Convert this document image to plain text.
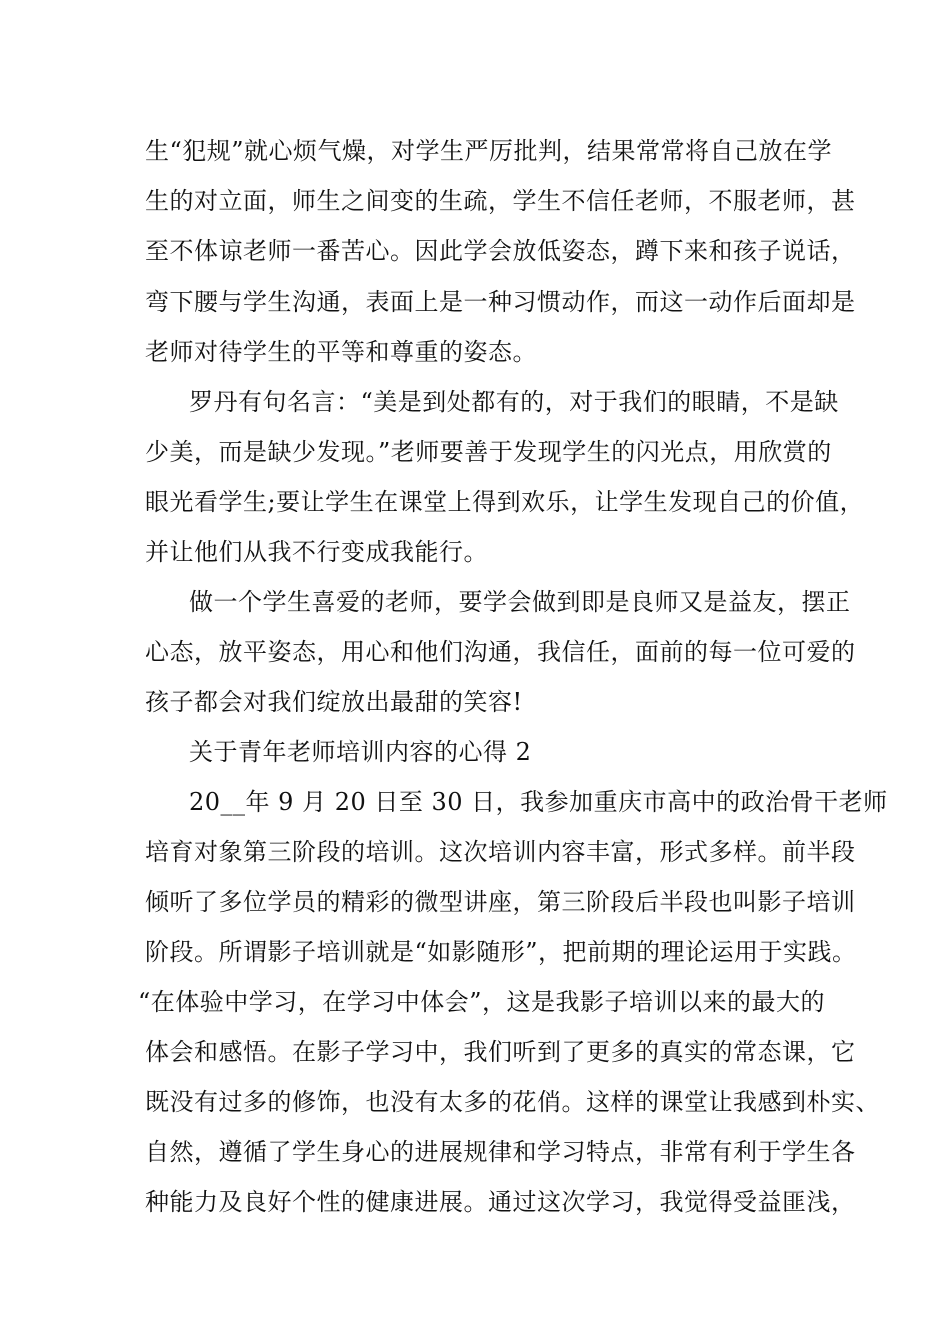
生“犯规”就心烦气燥，对学生严厉批判，结果常常将自己放在学
生的对立面，师生之间变的生疏，学生不信任老师，不服老师，甚
至不体谅老师一番苦心。因此学会放低姿态，蹲下来和孩子说话，
弯下腰与学生沟通，表面上是一种习惯动作，而这一动作后面却是
老师对待学生的平等和尊重的姿态。
罗丹有句名言：“美是到处都有的，对于我们的眼睛，不是缺
少美，而是缺少发现。”老师要善于发现学生的闪光点，用欣赏的
眼光看学生;要让学生在课堂上得到欢乐，让学生发现自己的价值，
并让他们从我不行变成我能行。
做一个学生喜爱的老师，要学会做到即是良师又是益友，摆正
心态，放平姿态，用心和他们沟通，我信任，面前的每一位可爱的
孩子都会对我们绽放出最甜的笑容!
关于青年老师培训内容的心得 2
20__年 9 月 20 日至 30 日，我参加重庆市高中的政治骨干老师
培育对象第三阶段的培训。这次培训内容丰富，形式多样。前半段
倾听了多位学员的精彩的微型讲座，第三阶段后半段也叫影子培训
阶段。所谓影子培训就是“如影随形”，把前期的理论运用于实践。
“在体验中学习，在学习中体会”，这是我影子培训以来的最大的
体会和感悟。在影子学习中，我们听到了更多的真实的常态课，它
既没有过多的修饰，也没有太多的花俏。这样的课堂让我感到朴实、
自然，遵循了学生身心的进展规律和学习特点，非常有利于学生各
种能力及良好个性的健康进展。通过这次学习，我觉得受益匪浅，
